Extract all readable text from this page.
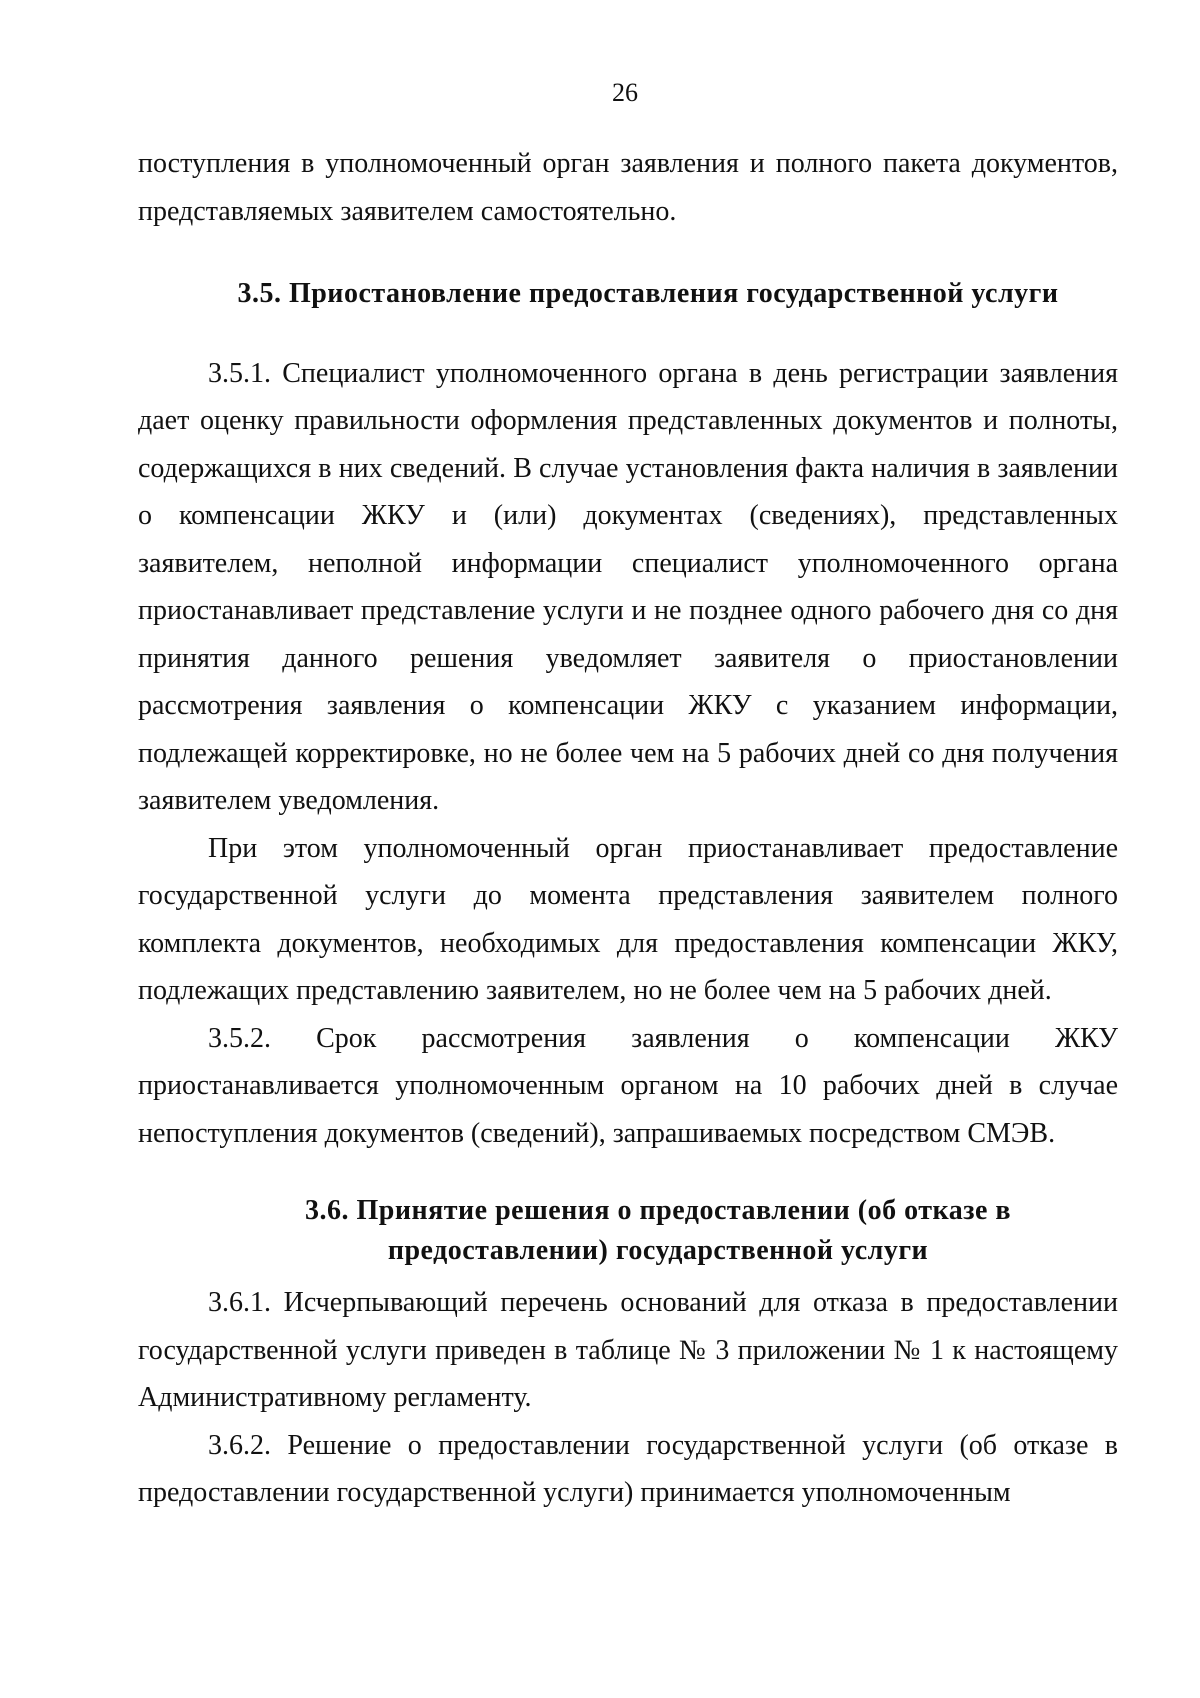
26

поступления в уполномоченный орган заявления и полного пакета документов, представляемых заявителем самостоятельно.

3.5. Приостановление предоставления государственной услуги

3.5.1. Специалист уполномоченного органа в день регистрации заявления дает оценку правильности оформления представленных документов и полноты, содержащихся в них сведений. В случае установления факта наличия в заявлении о компенсации ЖКУ и (или) документах (сведениях), представленных заявителем, неполной информации специалист уполномоченного органа приостанавливает представление услуги и не позднее одного рабочего дня со дня принятия данного решения уведомляет заявителя о приостановлении рассмотрения заявления о компенсации ЖКУ с указанием информации, подлежащей корректировке, но не более чем на 5 рабочих дней со дня получения заявителем уведомления.

При этом уполномоченный орган приостанавливает предоставление государственной услуги до момента представления заявителем полного комплекта документов, необходимых для предоставления компенсации ЖКУ, подлежащих представлению заявителем, но не более чем на 5 рабочих дней.

3.5.2. Срок рассмотрения заявления о компенсации ЖКУ приостанавливается уполномоченным органом на 10 рабочих дней в случае непоступления документов (сведений), запрашиваемых посредством СМЭВ.

3.6. Принятие решения о предоставлении (об отказе в
предоставлении) государственной услуги

3.6.1. Исчерпывающий перечень оснований для отказа в предоставлении государственной услуги приведен в таблице № 3 приложении № 1 к настоящему Административному регламенту.

3.6.2. Решение о предоставлении государственной услуги (об отказе в предоставлении государственной услуги) принимается уполномоченным
